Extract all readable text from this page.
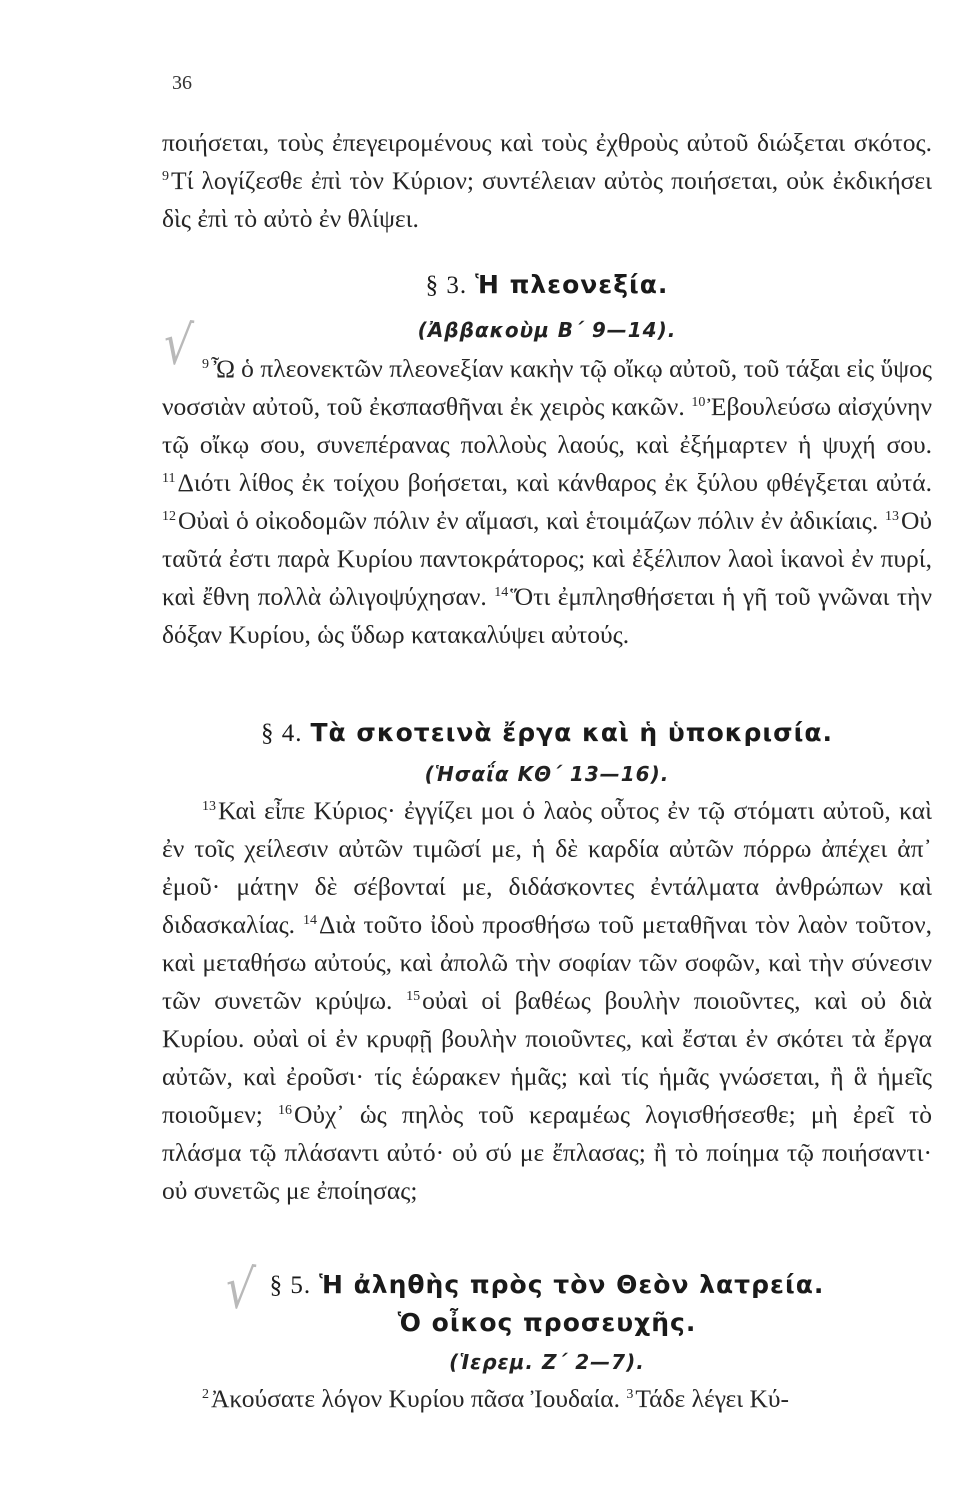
36
ποιήσεται, τοὺς ἐπεγειρομένους καὶ τοὺς ἐχθροὺς αὐτοῦ διώξεται σκότος. $^9$Τί λογίζεσθε ἐπὶ τὸν Κύριον; συντέλειαν αὐτὸς ποιήσεται, οὐκ ἐκδικήσει δὶς ἐπὶ τὸ αὐτὸ ἐν θλίψει.
§ 3. Ἡ πλεονεξία.
(Ἀββακοὺμ Β΄ 9—14).
√ $^9$Ὦ ὁ πλεονεκτῶν πλεονεξίαν κακὴν τῷ οἴκῳ αὐτοῦ, τοῦ τάξαι εἰς ὕψος νοσσιὰν αὐτοῦ, τοῦ ἐκσπασθῆναι ἐκ χειρὸς κακῶν. $^{10}$Ἐβουλεύσω αἰσχύνην τῷ οἴκῳ σου, συνεπέρανας πολλοὺς λαούς, καὶ ἐξήμαρτεν ἡ ψυχή σου. $^{11}$Διότι λίθος ἐκ τοίχου βοήσεται, καὶ κάνθαρος ἐκ ξύλου φθέγξεται αὐτά. $^{12}$Οὐαὶ ὁ οἰκοδομῶν πόλιν ἐν αἵμασι, καὶ ἑτοιμάζων πόλιν ἐν ἀδικίαις. $^{13}$Οὐ ταῦτά ἐστι παρὰ Κυρίου παντοκράτορος; καὶ ἐξέλιπον λαοὶ ἱκανοὶ ἐν πυρί, καὶ ἔθνη πολλὰ ὠλιγοψύχησαν. $^{14}$Ὅτι ἐμπλησθήσεται ἡ γῆ τοῦ γνῶναι τὴν δόξαν Κυρίου, ὡς ὕδωρ κατακαλύψει αὐτούς.
§ 4. Τὰ σκοτεινὰ ἔργα καὶ ἡ ὑποκρισία.
(Ἡσαΐα ΚΘ΄ 13—16).
$^{13}$Καὶ εἶπε Κύριος· ἐγγίζει μοι ὁ λαὸς οὗτος ἐν τῷ στόματι αὐτοῦ, καὶ ἐν τοῖς χείλεσιν αὐτῶν τιμῶσί με, ἡ δὲ καρδία αὐτῶν πόρρω ἀπέχει ἀπ᾿ ἐμοῦ· μάτην δὲ σέβονταί με, διδάσκοντες ἐντάλματα ἀνθρώπων καὶ διδασκαλίας. $^{14}$Διὰ τοῦτο ἰδοὺ προσθήσω τοῦ μεταθῆναι τὸν λαὸν τοῦτον, καὶ μεταθήσω αὐτούς, καὶ ἀπολῶ τὴν σοφίαν τῶν σοφῶν, καὶ τὴν σύνεσιν τῶν συνετῶν κρύψω. $^{15}$οὐαὶ οἱ βαθέως βουλὴν ποιοῦντες, καὶ οὐ διὰ Κυρίου. οὐαὶ οἱ ἐν κρυφῇ βουλὴν ποιοῦντες, καὶ ἔσται ἐν σκότει τὰ ἔργα αὐτῶν, καὶ ἐροῦσι· τίς ἑώρακεν ἡμᾶς; καὶ τίς ἡμᾶς γνώσεται, ἢ ἃ ἡμεῖς ποιοῦμεν; $^{16}$Οὐχ᾿ ὡς πηλὸς τοῦ κεραμέως λογισθήσεσθε; μὴ ἐρεῖ τὸ πλάσμα τῷ πλάσαντι αὐτό· οὐ σύ με ἔπλασας; ἢ τὸ ποίημα τῷ ποιήσαντι· οὐ συνετῶς με ἐποίησας;
√ § 5. Ἡ ἀληθὴς πρὸς τὸν Θεὸν λατρεία.
Ὁ οἶκος προσευχῆς.
(Ἱερεμ. Ζ΄ 2—7).
$^2$Ἀκούσατε λόγον Κυρίου πᾶσα Ἰουδαία. $^3$Τάδε λέγει Κύ-
